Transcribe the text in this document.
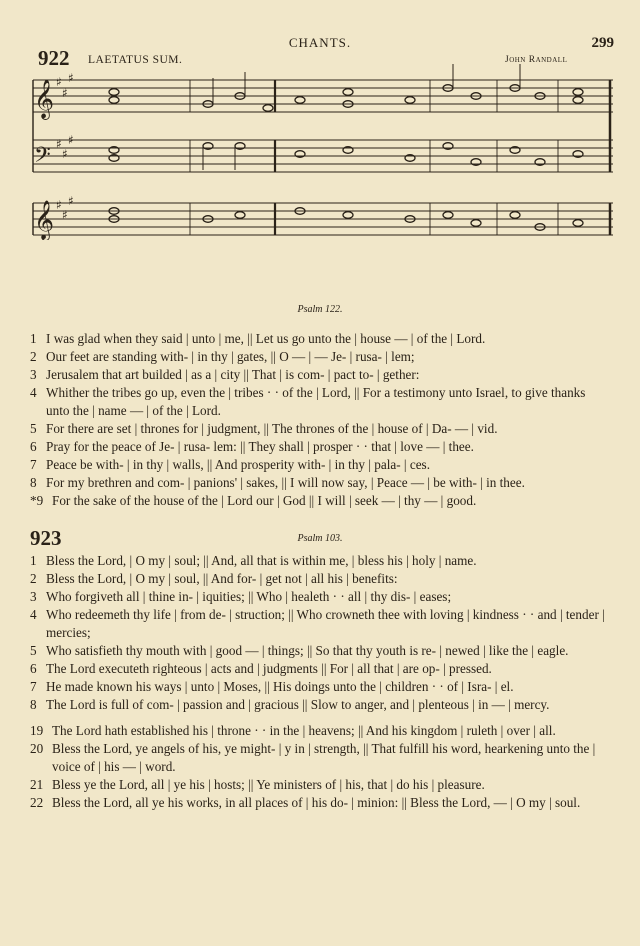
CHANTS.	299
922 LAETATUS SUM.	John Randall
𝄞
𝄢
𝄞
♯
♯
♯
♯
♯
♯
♯
♯
♯
Psalm 122.
1 I was glad when they said | unto | me, || Let us go unto the | house — | of the | Lord.
2 Our feet are standing with- | in thy | gates, || O — | — Je- | rusa- | lem;
3 Jerusalem that art builded | as a | city || That | is com- | pact to- | gether:
4 Whither the tribes go up, even the | tribes · · of the | Lord, || For a testimony unto Israel, to give thanks unto the | name — | of the | Lord.
5 For there are set | thrones for | judgment, || The thrones of the | house of | Da- — | vid.
6 Pray for the peace of Je- | rusa- lem: || They shall | prosper · · that | love — | thee.
7 Peace be with- | in thy | walls, || And prosperity with- | in thy | pala- | ces.
8 For my brethren and com- | panions' | sakes, || I will now say, | Peace — | be with- | in thee.
*9 For the sake of the house of the | Lord our | God || I will | seek — | thy — | good.
923	Psalm 103.
1 Bless the Lord, | O my | soul; || And, all that is within me, | bless his | holy | name.
2 Bless the Lord, | O my | soul, || And for- | get not | all his | benefits:
3 Who forgiveth all | thine in- | iquities; || Who | healeth · · all | thy dis- | eases;
4 Who redeemeth thy life | from de- | struction; || Who crowneth thee with loving | kindness · · and | tender | mercies;
5 Who satisfieth thy mouth with | good — | things; || So that thy youth is re- | newed | like the | eagle.
6 The Lord executeth righteous | acts and | judgments || For | all that | are op- | pressed.
7 He made known his ways | unto | Moses, || His doings unto the | children · · of | Isra- | el.
8 The Lord is full of com- | passion and | gracious || Slow to anger, and | plenteous | in — | mercy.
19 The Lord hath established his | throne · · in the | heavens; || And his kingdom | ruleth | over | all.
20 Bless the Lord, ye angels of his, ye might- | y in | strength, || That fulfill his word, hearkening unto the | voice of | his — | word.
21 Bless ye the Lord, all | ye his | hosts; || Ye ministers of | his, that | do his | pleasure.
22 Bless the Lord, all ye his works, in all places of | his do- | minion: || Bless the Lord, — | O my | soul.
